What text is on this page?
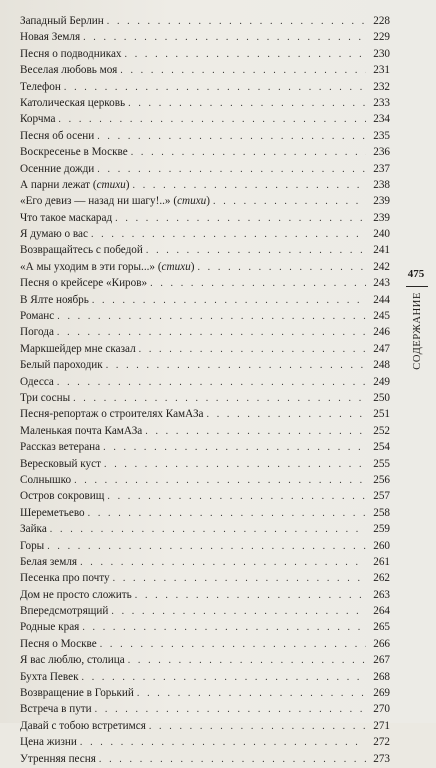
Западный Берлин . . .	228
Новая Земля . . .	229
Песня о подводниках . . .	230
Веселая любовь моя . . .	231
Телефон . . .	232
Католическая церковь . . .	233
Корчма . . .	234
Песня об осени . . .	235
Воскресенье в Москве . . .	236
Осенние дожди . . .	237
А парни лежат (стихи) . . .	238
«Его девиз — назад ни шагу!..» (стихи) . . .	239
Что такое маскарад . . .	239
Я думаю о вас . . .	240
Возвращайтесь с победой . . .	241
«А мы уходим в эти горы...» (стихи) . . .	242
Песня о крейсере «Киров» . . .	243
В Ялте ноябрь . . .	244
Романс . . .	245
Погода . . .	246
Маркшейдер мне сказал . . .	247
Белый пароходик . . .	248
Одесса . . .	249
Три сосны . . .	250
Песня-репортаж о строителях КамАЗа . . .	251
Маленькая почта КамАЗа . . .	252
Рассказ ветерана . . .	254
Вересковый куст . . .	255
Солнышко . . .	256
Остров сокровищ . . .	257
Шереметьево . . .	258
Зайка . . .	259
Горы . . .	260
Белая земля . . .	261
Песенка про почту . . .	262
Дом не просто сложить . . .	263
Впередсмотрящий . . .	264
Родные края . . .	265
Песня о Москве . . .	266
Я вас люблю, столица . . .	267
Бухта Певек . . .	268
Возвращение в Горький . . .	269
Встреча в пути . . .	270
Давай с тобою встретимся . . .	271
Цена жизни . . .	272
Утренняя песня . . .	273
475
СОДЕРЖАНИЕ
